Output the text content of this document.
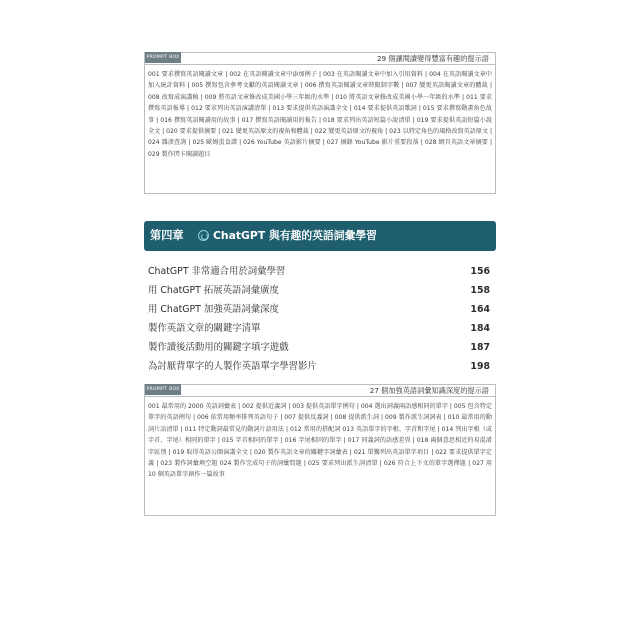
PROMPT BOX	29 個讓閱讀變得豐富有趣的提示語
001 要求撰寫英語閱讀文章 | 002 在英語閱讀文章中添加例子 | 003 在英語閱讀文章中加入引用資料 | 004 在英語閱讀文章中加入統計資料 | 005 撰寫包含參考文獻的英語閱讀文章 | 006 撰寫英語閱讀文章時限制字數 | 007 變更英語閱讀文章的體裁 | 008 改寫成演講稿 | 009 將英語文章修改成美國小學三年級的水準 | 010 將英語文章修改成美國小學一年級的水準 | 011 要求撰寫英語報導 | 012 要求列出英語演講清單 | 013 要求提供英語演講全文 | 014 要求提供英語歌詞 | 015 要求撰寫動畫角色故事 | 016 撰寫英語閱讀用的故事 | 017 撰寫英語閱讀用的報告 | 018 要求列出英語短篇小說清單 | 019 要求提供英語短篇小說全文 | 020 要求提供摘要 | 021 變更英語原文的視角和體裁 | 022 變更英語原文的視角 | 023 以特定角色的風格改寫英語原文 | 024 雜湊查詢 | 025 歐姆蛋食譜 | 026 YouTube 英語影片摘要 | 027 摘錄 YouTube 影片重要段落 | 028 網頁英語文章摘要 | 029 製作閃卡閱讀題目
第四章	ChatGPT 與有趣的英語詞彙學習
ChatGPT 非常適合用於詞彙學習	156
用 ChatGPT 拓展英語詞彙廣度	158
用 ChatGPT 加強英語詞彙深度	164
製作英語文章的關鍵字清單	184
製作讀後活動用的關鍵字填字遊戲	187
為討厭背單字的人製作英語單字學習影片	198
PROMPT BOX	27 個加強英語詞彙知識深度的提示語
001 最常用的 2000 英語詞彙表 | 002 提供近義詞 | 003 提供英語單字例句 | 004 選出詞義兩語感相同的單字 | 005 包含特定單字的英語例句 | 006 依常用頻率排列英語句子 | 007 提供反義詞 | 008 提供派生詞 | 009 製作派生詞詞表 | 010 最常用的動詞片語清單 | 011 特定動詞最常見的動詞片語用法 | 012 常用的搭配詞 013 英語單字的字根、字首和字尾 | 014 列出字根（或字首、字尾）相同的單字 | 015 字首相同的單字 | 016 字尾相同的單字 | 017 同義詞的語感差異 | 018 兩個意思相近的易混淆字區別 | 019 取得英語公開演講全文 | 020 製作英語文章的關鍵字詞彙表 | 021 單獨列出英語單字項目 | 022 要求提供單字定義 | 023 製作詞彙填空題 024 製作完成句子的詞彙問題 | 025 要求列出派生詞清單 | 026 符合上下文的單字選擇題 | 027 用 10 個英語單字創作一篇故事
